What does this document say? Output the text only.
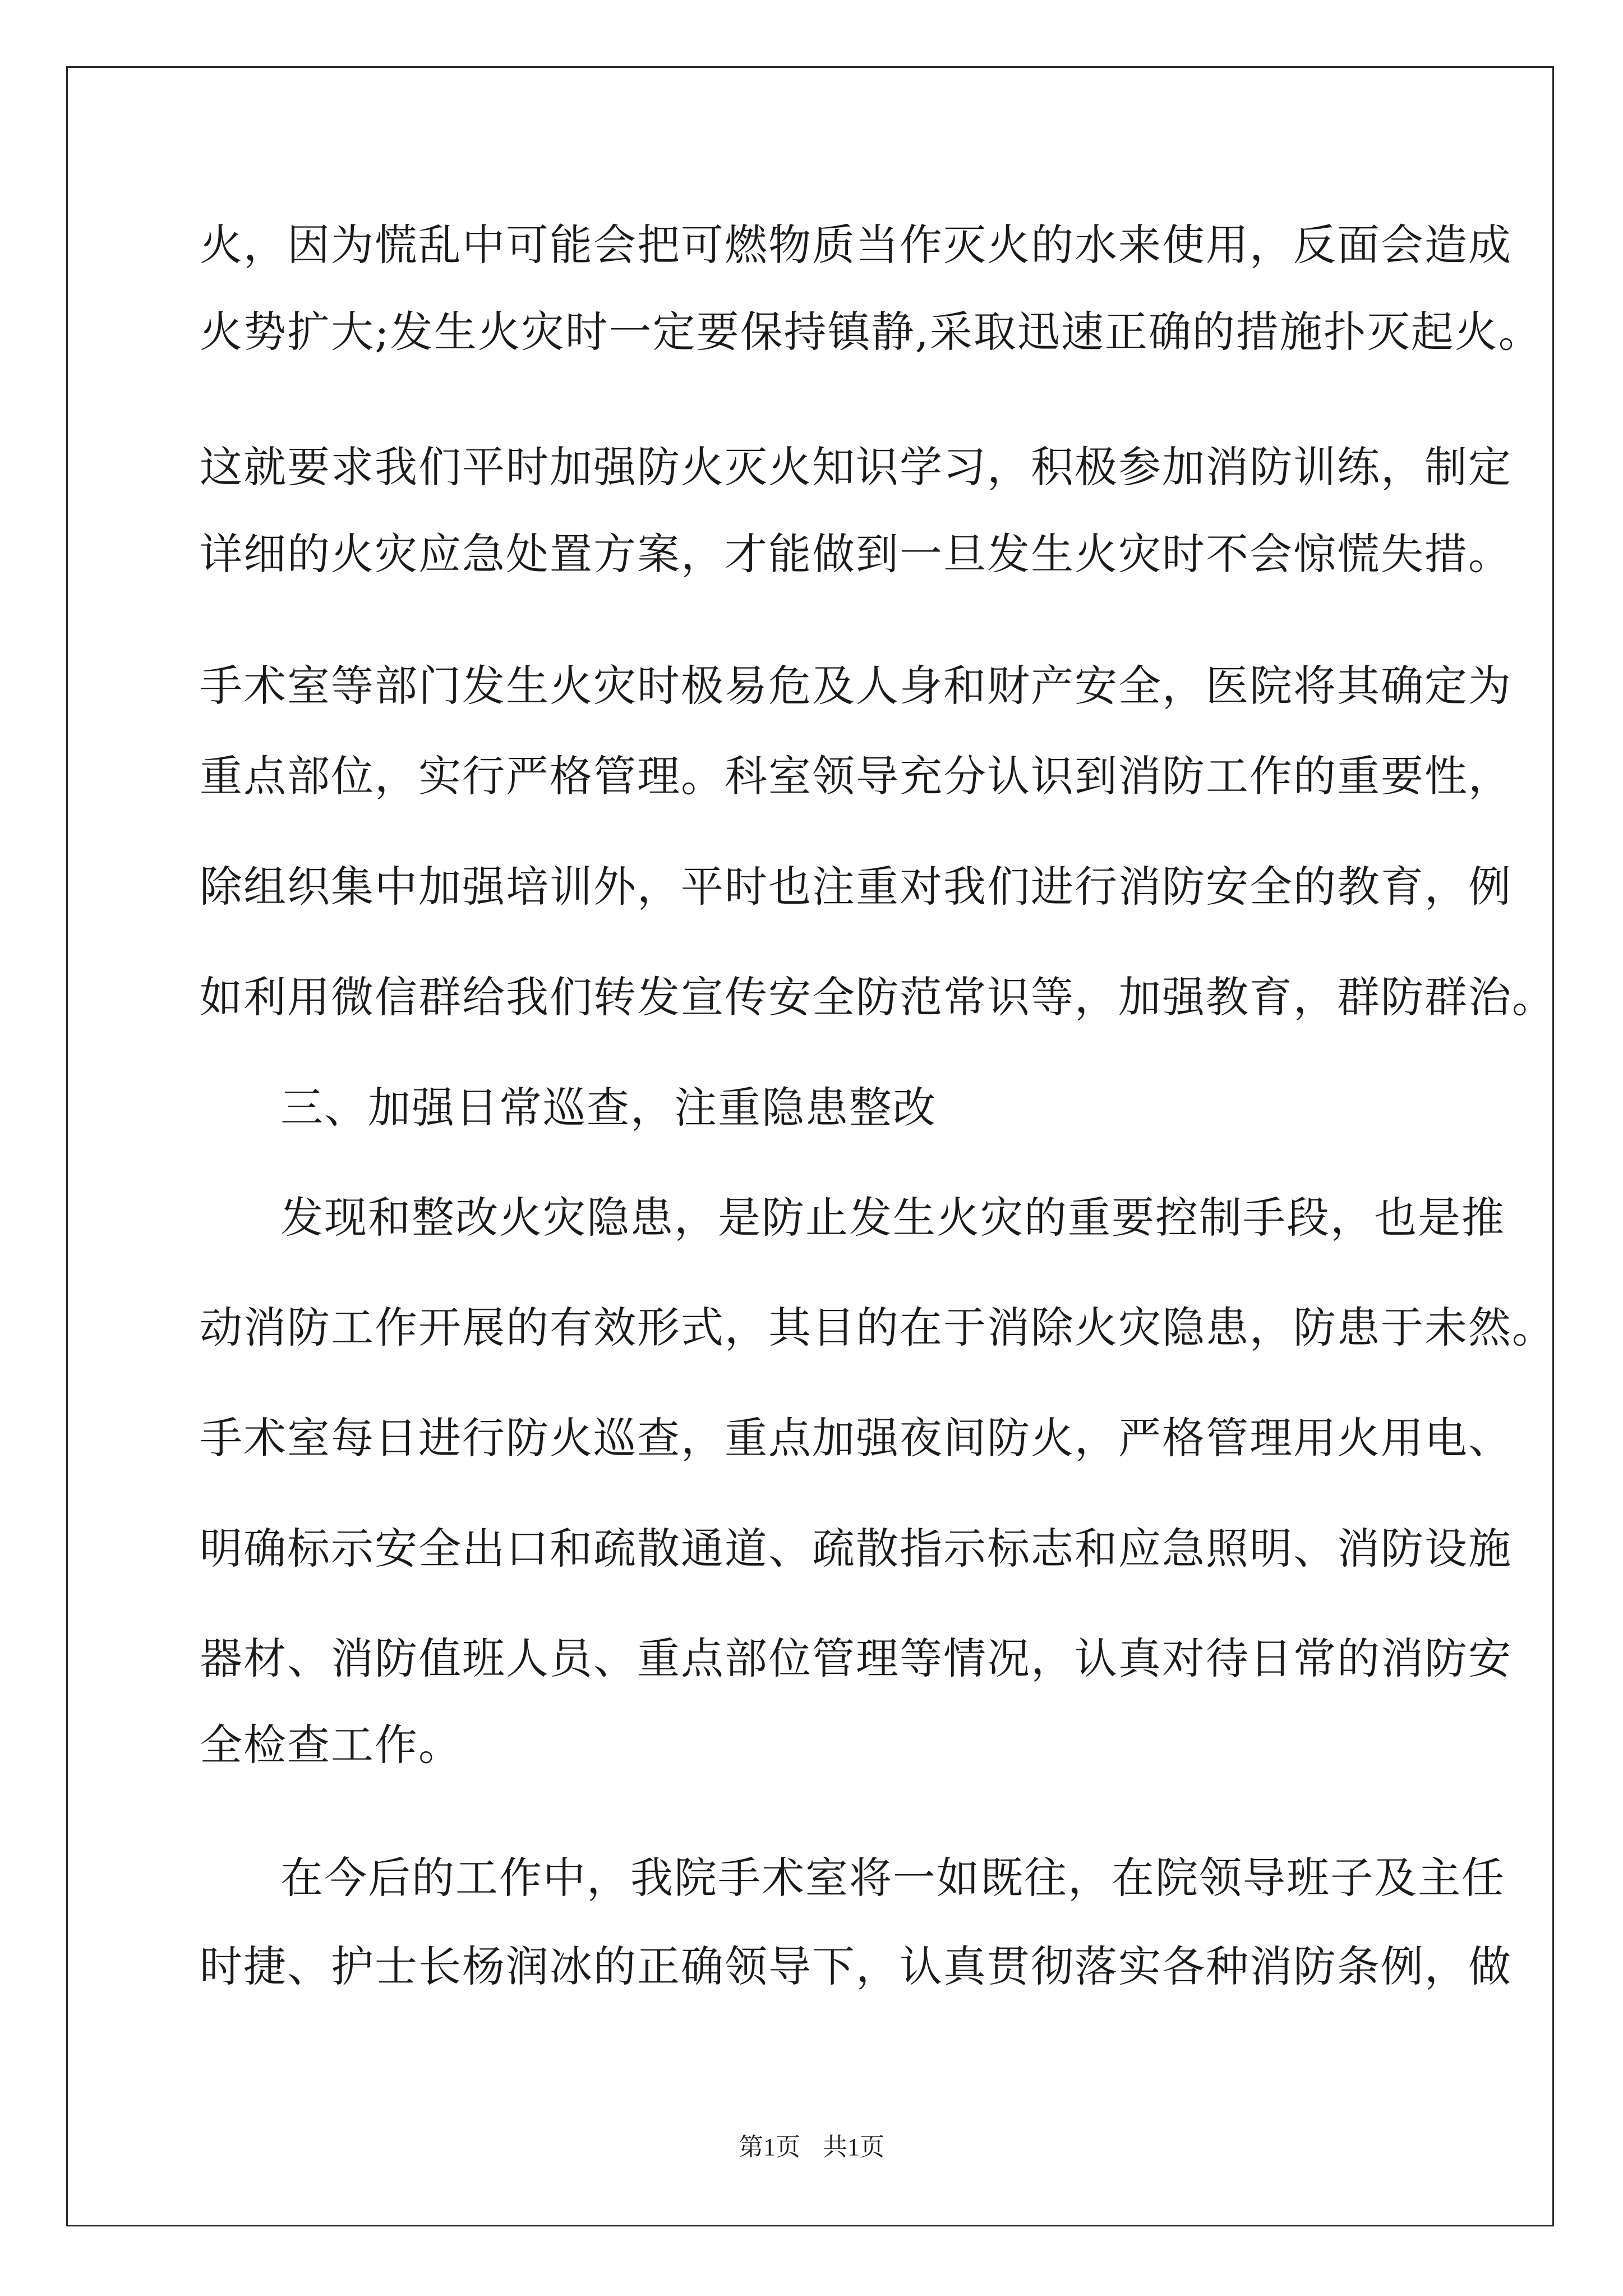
火，因为慌乱中可能会把可燃物质当作灭火的水来使用，反面会造成
火势扩大;发生火灾时一定要保持镇静,采取迅速正确的措施扑灭起火。
这就要求我们平时加强防火灭火知识学习，积极参加消防训练，制定
详细的火灾应急处置方案，才能做到一旦发生火灾时不会惊慌失措。
手术室等部门发生火灾时极易危及人身和财产安全，医院将其确定为
重点部位，实行严格管理。科室领导充分认识到消防工作的重要性，
除组织集中加强培训外，平时也注重对我们进行消防安全的教育，例
如利用微信群给我们转发宣传安全防范常识等，加强教育，群防群治。
三、加强日常巡查，注重隐患整改
发现和整改火灾隐患，是防止发生火灾的重要控制手段，也是推
动消防工作开展的有效形式，其目的在于消除火灾隐患，防患于未然。
手术室每日进行防火巡查，重点加强夜间防火，严格管理用火用电、
明确标示安全出口和疏散通道、疏散指示标志和应急照明、消防设施
器材、消防值班人员、重点部位管理等情况，认真对待日常的消防安
全检查工作。
在今后的工作中，我院手术室将一如既往，在院领导班子及主任
时捷、护士长杨润冰的正确领导下，认真贯彻落实各种消防条例，做
第1页 共1页
